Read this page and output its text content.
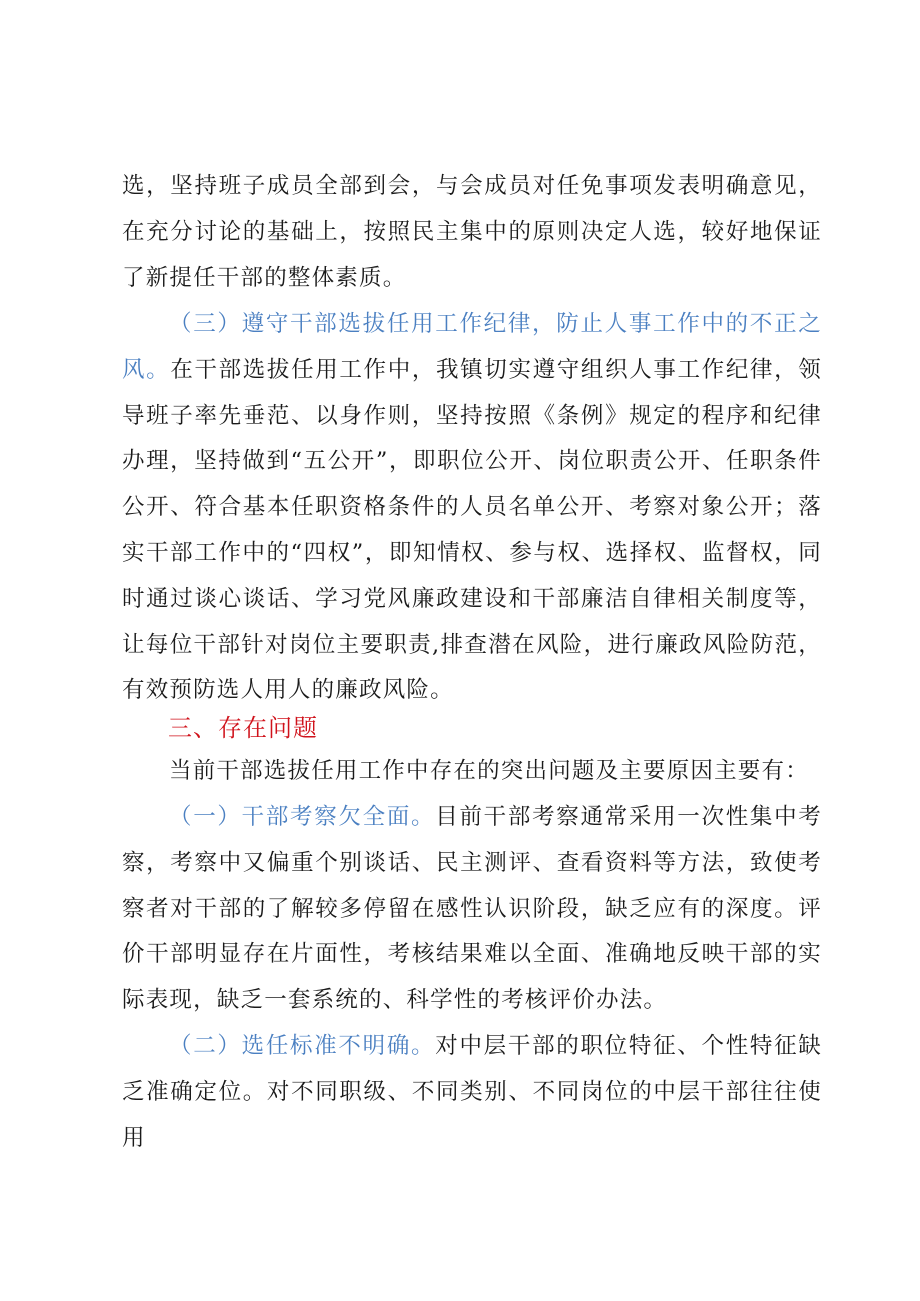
选，坚持班子成员全部到会，与会成员对任免事项发表明确意见，在充分讨论的基础上，按照民主集中的原则决定人选，较好地保证了新提任干部的整体素质。

（三）遵守干部选拔任用工作纪律，防止人事工作中的不正之风。在干部选拔任用工作中，我镇切实遵守组织人事工作纪律，领导班子率先垂范、以身作则，坚持按照《条例》规定的程序和纪律办理，坚持做到“五公开”，即职位公开、岗位职责公开、任职条件公开、符合基本任职资格条件的人员名单公开、考察对象公开；落实干部工作中的“四权”，即知情权、参与权、选择权、监督权，同时通过谈心谈话、学习党风廉政建设和干部廉洁自律相关制度等，让每位干部针对岗位主要职责,排查潜在风险，进行廉政风险防范，有效预防选人用人的廉政风险。

三、存在问题

当前干部选拔任用工作中存在的突出问题及主要原因主要有：

（一）干部考察欠全面。目前干部考察通常采用一次性集中考察，考察中又偏重个别谈话、民主测评、查看资料等方法，致使考察者对干部的了解较多停留在感性认识阶段，缺乏应有的深度。评价干部明显存在片面性，考核结果难以全面、准确地反映干部的实际表现，缺乏一套系统的、科学性的考核评价办法。

（二）选任标准不明确。对中层干部的职位特征、个性特征缺乏准确定位。对不同职级、不同类别、不同岗位的中层干部往往使用
